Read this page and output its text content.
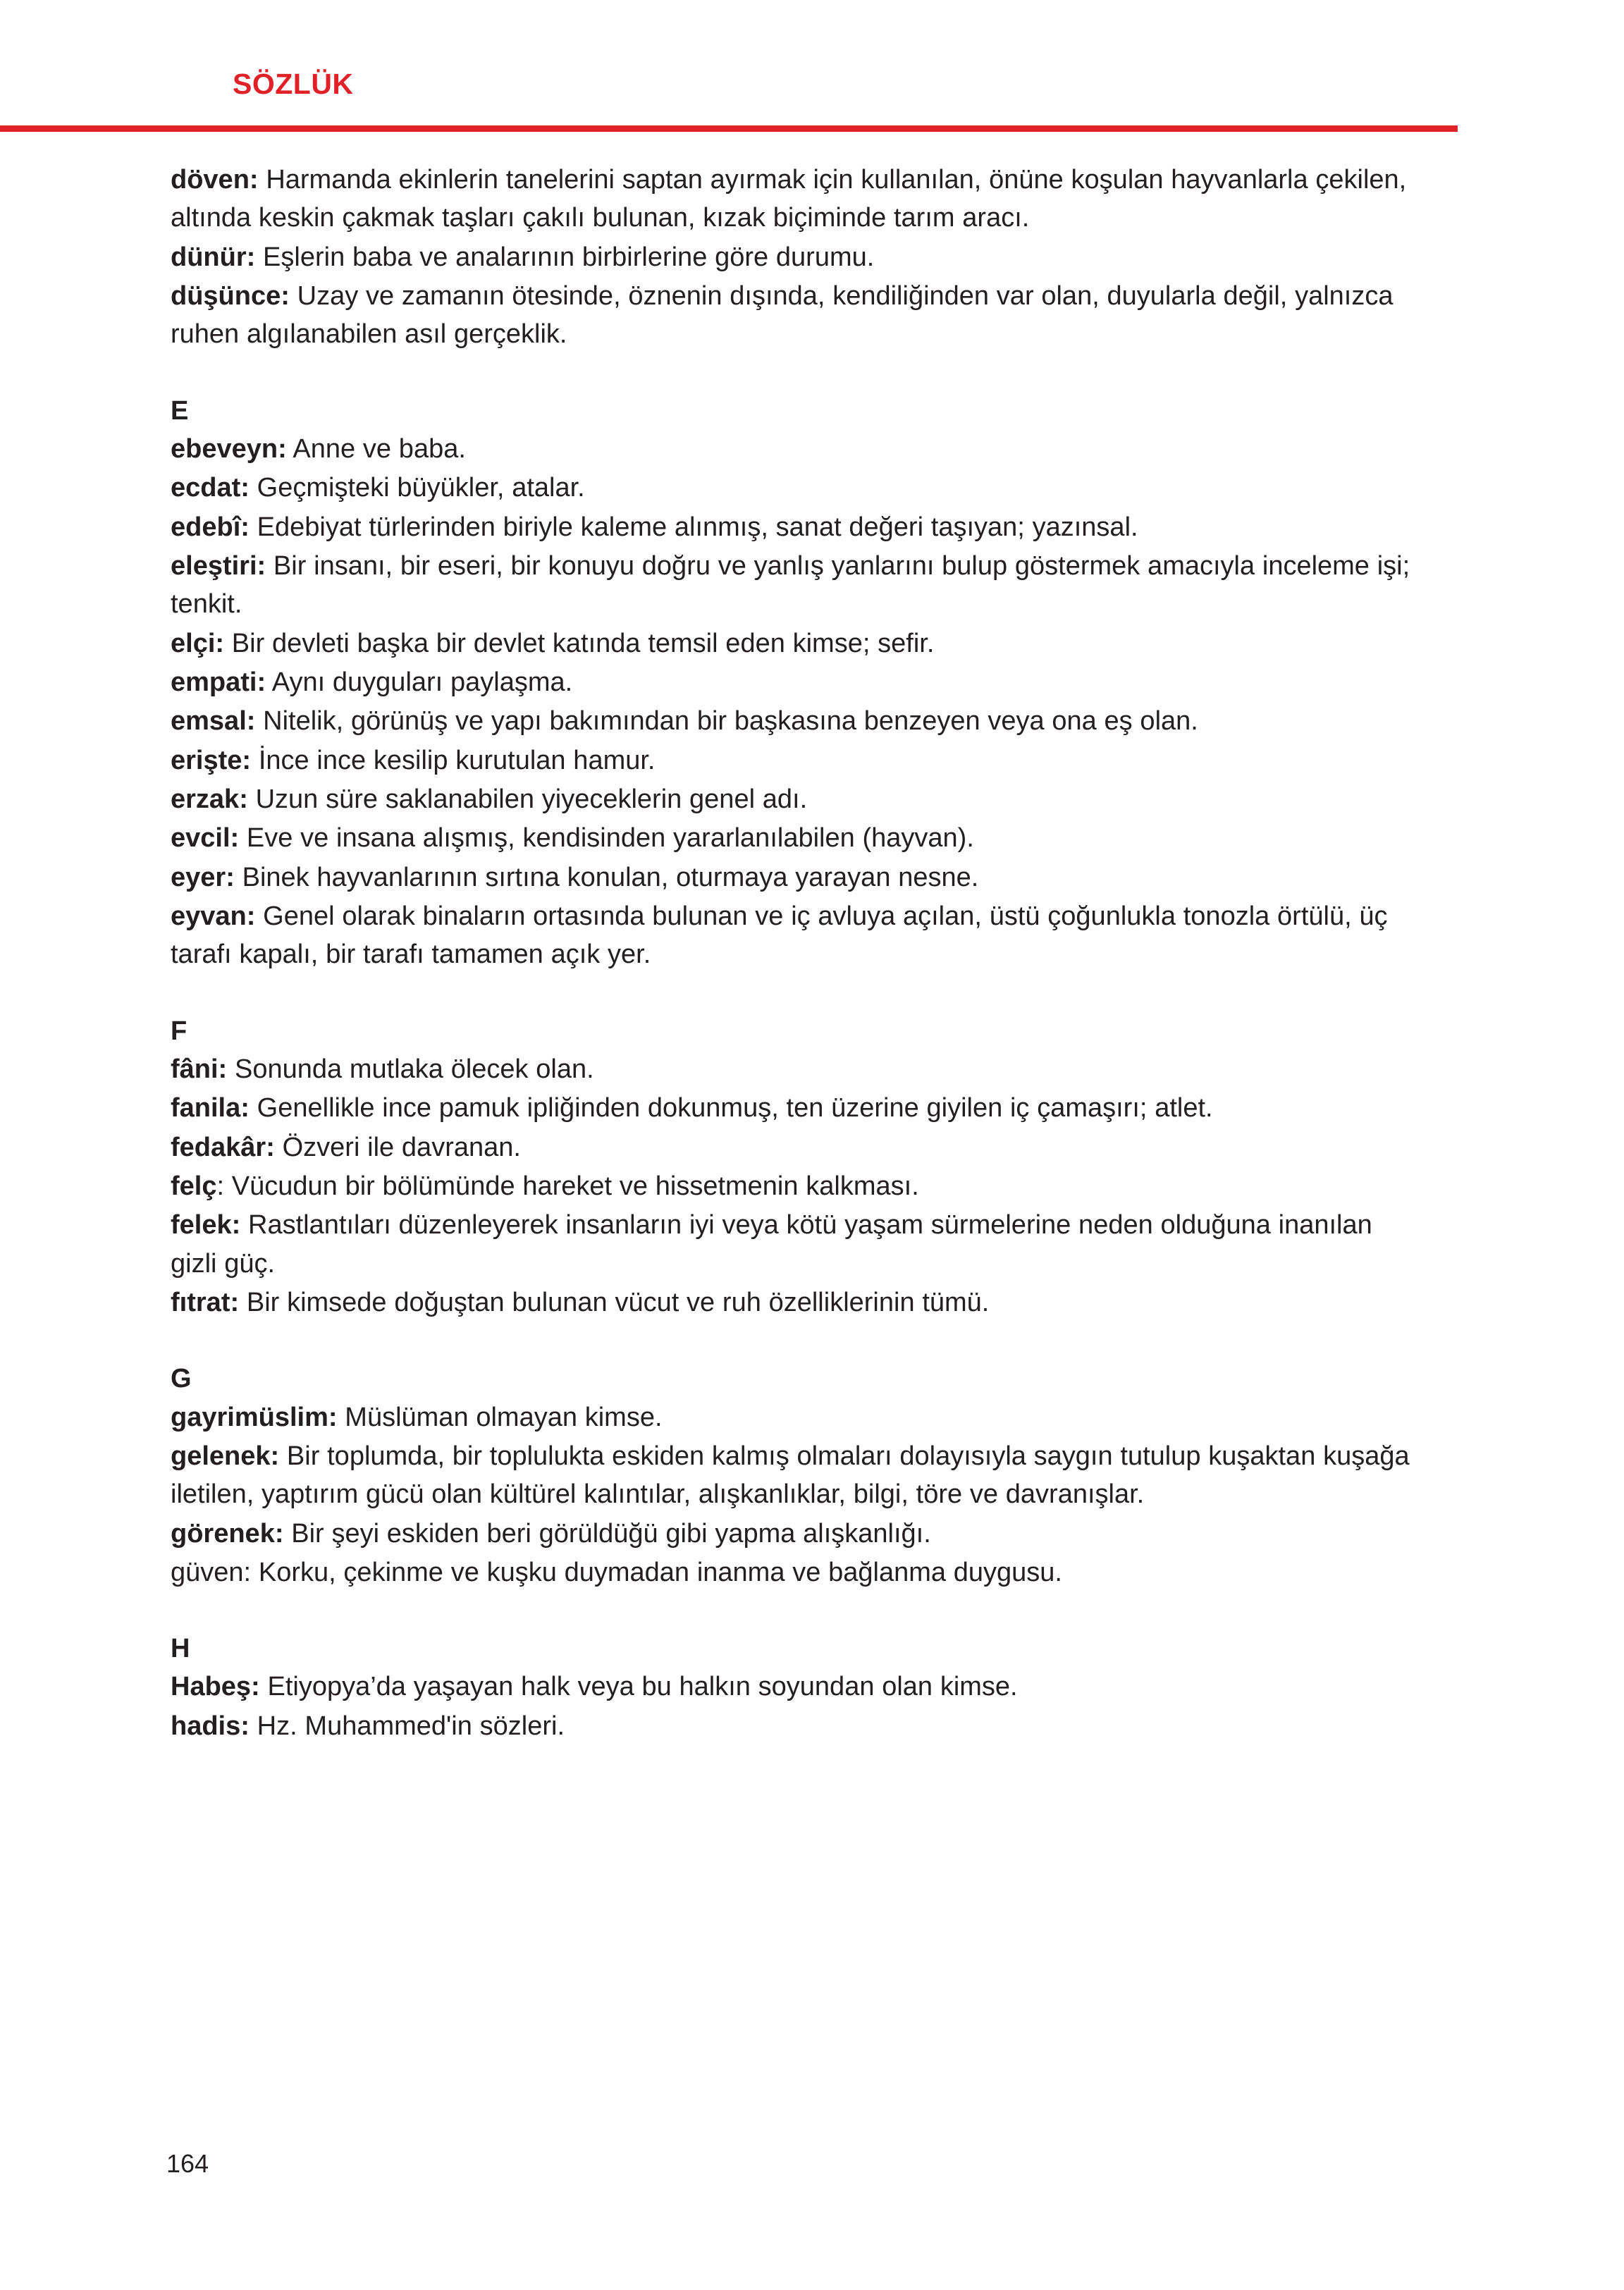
SÖZLÜK

döven: Harmanda ekinlerin tanelerini saptan ayırmak için kullanılan, önüne koşulan hayvanlarla çekilen, altında keskin çakmak taşları çakılı bulunan, kızak biçiminde tarım aracı.

dünür: Eşlerin baba ve analarının birbirlerine göre durumu.

düşünce: Uzay ve zamanın ötesinde, öznenin dışında, kendiliğinden var olan, duyularla değil, yalnızca ruhen algılanabilen asıl gerçeklik.

E

ebeveyn: Anne ve baba.

ecdat: Geçmişteki büyükler, atalar.

edebî: Edebiyat türlerinden biriyle kaleme alınmış, sanat değeri taşıyan; yazınsal.

eleştiri: Bir insanı, bir eseri, bir konuyu doğru ve yanlış yanlarını bulup göstermek amacıyla inceleme işi; tenkit.

elçi: Bir devleti başka bir devlet katında temsil eden kimse; sefir.

empati: Aynı duyguları paylaşma.

emsal: Nitelik, görünüş ve yapı bakımından bir başkasına benzeyen veya ona eş olan.

erişte: İnce ince kesilip kurutulan hamur.

erzak: Uzun süre saklanabilen yiyeceklerin genel adı.

evcil: Eve ve insana alışmış, kendisinden yararlanılabilen (hayvan).

eyer: Binek hayvanlarının sırtına konulan, oturmaya yarayan nesne.

eyvan: Genel olarak binaların ortasında bulunan ve iç avluya açılan, üstü çoğunlukla tonozla örtülü, üç tarafı kapalı, bir tarafı tamamen açık yer.

F

fâni: Sonunda mutlaka ölecek olan.

fanila: Genellikle ince pamuk ipliğinden dokunmuş, ten üzerine giyilen iç çamaşırı; atlet.

fedakâr: Özveri ile davranan.

felç: Vücudun bir bölümünde hareket ve hissetmenin kalkması.

felek: Rastlantıları düzenleyerek insanların iyi veya kötü yaşam sürmelerine neden olduğuna inanılan gizli güç.

fıtrat: Bir kimsede doğuştan bulunan vücut ve ruh özelliklerinin tümü.

G

gayrimüslim: Müslüman olmayan kimse.

gelenek: Bir toplumda, bir toplulukta eskiden kalmış olmaları dolayısıyla saygın tutulup kuşaktan kuşağa iletilen, yaptırım gücü olan kültürel kalıntılar, alışkanlıklar, bilgi, töre ve davranışlar.

görenek: Bir şeyi eskiden beri görüldüğü gibi yapma alışkanlığı.

güven: Korku, çekinme ve kuşku duymadan inanma ve bağlanma duygusu.

H

Habeş: Etiyopya’da yaşayan halk veya bu halkın soyundan olan kimse.

hadis: Hz. Muhammed'in sözleri.

164
